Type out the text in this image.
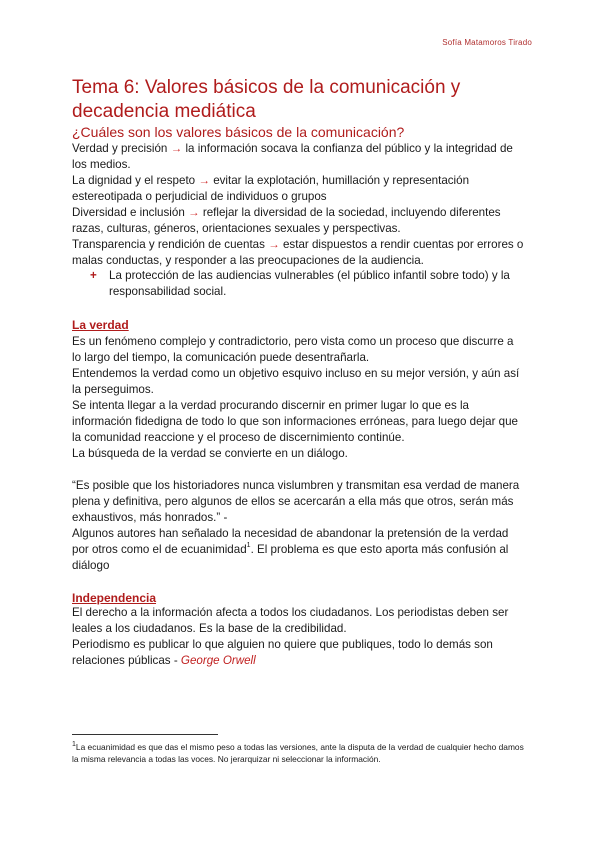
Sofía Matamoros Tirado
Tema 6: Valores básicos de la comunicación y decadencia mediática
¿Cuáles son los valores básicos de la comunicación?

Verdad y precisión → la información socava la confianza del público y la integridad de los medios.

La dignidad y el respeto → evitar la explotación, humillación y representación estereotipada o perjudicial de individuos o grupos

Diversidad e inclusión → reflejar la diversidad de la sociedad, incluyendo diferentes razas, culturas, géneros, orientaciones sexuales y perspectivas.

Transparencia y rendición de cuentas → estar dispuestos a rendir cuentas por errores o malas conductas, y responder a las preocupaciones de la audiencia.

+ La protección de las audiencias vulnerables (el público infantil sobre todo) y la responsabilidad social.
La verdad

Es un fenómeno complejo y contradictorio, pero vista como un proceso que discurre a lo largo del tiempo, la comunicación puede desentrañarla.

Entendemos la verdad como un objetivo esquivo incluso en su mejor versión, y aún así la perseguimos.

Se intenta llegar a la verdad procurando discernir en primer lugar lo que es la información fidedigna de todo lo que son informaciones erróneas, para luego dejar que la comunidad reaccione y el proceso de discernimiento continúe.

La búsqueda de la verdad se convierte en un diálogo.

“Es posible que los historiadores nunca vislumbren y transmitan esa verdad de manera plena y definitiva, pero algunos de ellos se acercarán a ella más que otros, serán más exhaustivos, más honrados.” -

Algunos autores han señalado la necesidad de abandonar la pretensión de la verdad por otros como el de ecuanimidad$^1$. El problema es que esto aporta más confusión al diálogo

Independencia

El derecho a la información afecta a todos los ciudadanos. Los periodistas deben ser leales a los ciudadanos. Es la base de la credibilidad.

Periodismo es publicar lo que alguien no quiere que publiques, todo lo demás son relaciones públicas - George Orwell

$^1$La ecuanimidad es que das el mismo peso a todas las versiones, ante la disputa de la verdad de cualquier hecho damos la misma relevancia a todas las voces. No jerarquizar ni seleccionar la información.
